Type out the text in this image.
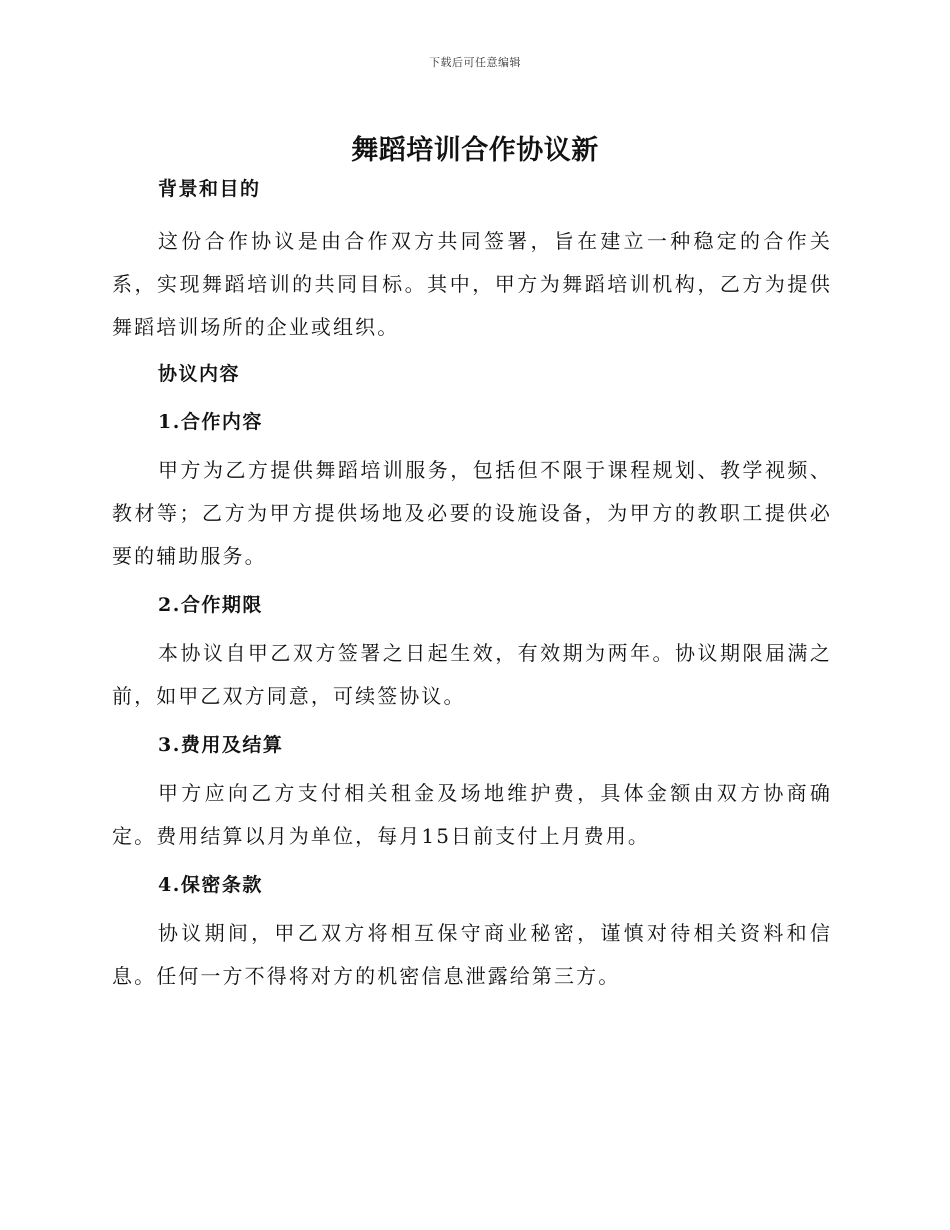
下载后可任意编辑
舞蹈培训合作协议新
背景和目的

这份合作协议是由合作双方共同签署，旨在建立一种稳定的合作关系，实现舞蹈培训的共同目标。其中，甲方为舞蹈培训机构，乙方为提供舞蹈培训场所的企业或组织。

协议内容
1.合作内容

甲方为乙方提供舞蹈培训服务，包括但不限于课程规划、教学视频、教材等；乙方为甲方提供场地及必要的设施设备，为甲方的教职工提供必要的辅助服务。

2.合作期限

本协议自甲乙双方签署之日起生效，有效期为两年。协议期限届满之前，如甲乙双方同意，可续签协议。

3.费用及结算

甲方应向乙方支付相关租金及场地维护费，具体金额由双方协商确定。费用结算以月为单位，每月15日前支付上月费用。

4.保密条款

协议期间，甲乙双方将相互保守商业秘密，谨慎对待相关资料和信息。任何一方不得将对方的机密信息泄露给第三方。
